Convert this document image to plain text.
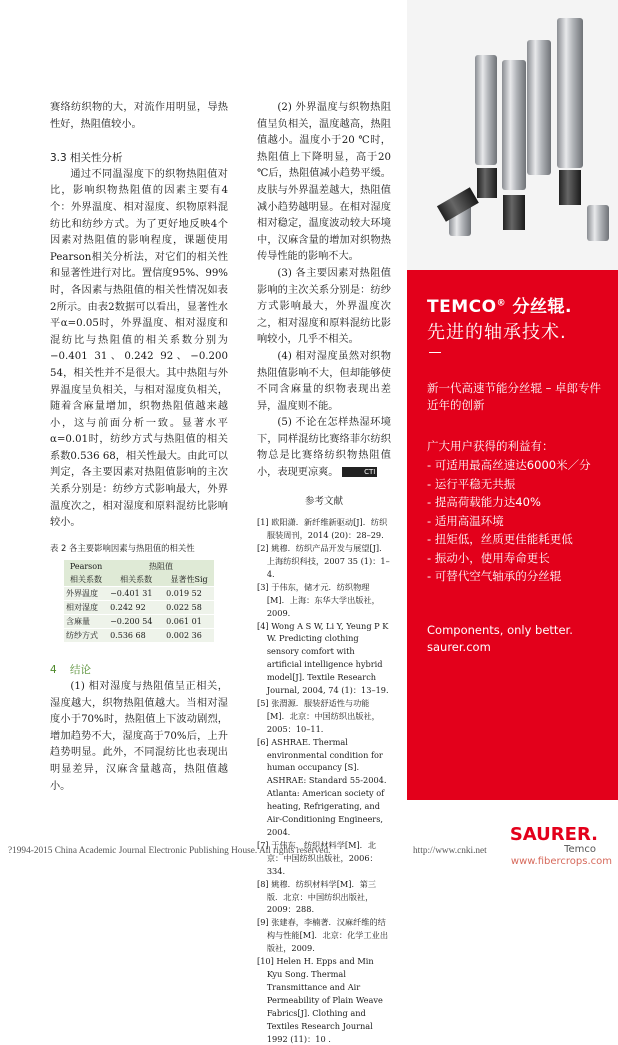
赛络纺织物的大，对流作用明显，导热性好，热阻值较小。

3.3 相关性分析

通过不同温湿度下的织物热阻值对比，影响织物热阻值的因素主要有4个：外界温度、相对湿度、织物原料混纺比和纺纱方式。为了更好地反映4个因素对热阻值的影响程度，课题使用Pearson相关分析法，对它们的相关性和显著性进行对比。置信度95%、99%时，各因素与热阻值的相关性情况如表2所示。由表2数据可以看出，显著性水平α=0.05时，外界温度、相对湿度和混纺比与热阻值的相关系数分别为−0.401 31、0.242 92、−0.200 54，相关性并不是很大。其中热阻与外界温度呈负相关，与相对湿度负相关，随着含麻量增加，织物热阻值越来越小，这与前面分析一致。显著水平α=0.01时，纺纱方式与热阻值的相关系数0.536 68，相关性最大。由此可以判定，各主要因素对热阻值影响的主次关系分别是：纺纱方式影响最大，外界温度次之，相对湿度和原料混纺比影响较小。

表 2 各主要影响因素与热阻值的相关性
Pearson	热阻值	
相关系数	相关系数	显著性Sig
外界温度	−0.401 31	0.019 52
相对湿度	0.242 92	0.022 58
含麻量	−0.200 54	0.061 01
纺纱方式	0.536 68	0.002 36

4 结论

(1) 相对湿度与热阻值呈正相关，湿度越大，织物热阻值越大。当相对湿度小于70%时，热阻值上下波动剧烈，增加趋势不大，湿度高于70%后，上升趋势明显。此外，不同混纺比也表现出明显差异，汉麻含量越高，热阻值越小。

(2) 外界温度与织物热阻值呈负相关，温度越高，热阻值越小。温度小于20 ℃时，热阻值上下降明显，高于20 ℃后，热阻值减小趋势平缓。皮肤与外界温差越大，热阻值减小趋势越明显。在相对湿度相对稳定，温度波动较大环境中，汉麻含量的增加对织物热传导性能的影响不大。

(3) 各主要因素对热阻值影响的主次关系分别是：纺纱方式影响最大，外界温度次之，相对湿度和原料混纺比影响较小，几乎不相关。

(4) 相对湿度虽然对织物热阻值影响不大，但却能够使不同含麻量的织物表现出差异，温度则不能。

(5) 不论在怎样热湿环境下，同样混纺比赛络菲尔纺织物总是比赛络纺织物热阻值小，表现更凉爽。	CTI

参考文献
[1] 欧阳潇．新纤维新驱动[J]．纺织服装周刊，2014 (20)：28–29.
[2] 姚穆．纺织产品开发与展望[J]．上海纺织科技，2007 35 (1)：1–4.
[3] 于伟东，储才元．纺织物理[M]．上海：东华大学出版社，2009.
[4] Wong A S W, Li Y, Yeung P K W. Predicting clothing sensory comfort with artificial intelligence hybrid model[J]. Textile Research Journal, 2004, 74 (1)：13–19.
[5] 张渭源．服装舒适性与功能[M]．北京：中国纺织出版社，2005：10–11.
[6] ASHRAE. Thermal environmental condition for human occupancy [S]. ASHRAE: Standard 55-2004. Atlanta: American society of heating, Refrigerating, and Air-Conditioning Engineers, 2004.
[7] 于伟东．纺织材料学[M]．北京：中国纺织出版社，2006：334.
[8] 姚穆．纺织材料学[M]．第三版．北京：中国纺织出版社，2009：288.
[9] 张建春，李楠著．汉麻纤维的结构与性能[M]．北京：化学工业出版社，2009.
[10] Helen H. Epps and Min Kyu Song. Thermal Transmittance and Air Permeability of Plain Weave Fabrics[J]. Clothing and Textiles Research Journal 1992 (11)：10 .
TEMCO® 分丝辊.
先进的轴承技术.
新一代高速节能分丝辊 – 卓郎专件近年的创新
广大用户获得的利益有：
- 可适用最高丝速达6000米／分
- 运行平稳无共振
- 提高荷载能力达40%
- 适用高温环境
- 扭矩低，丝质更佳能耗更低
- 振动小，使用寿命更长
- 可替代空气轴承的分丝辊
Components, only better.
saurer.com
SAURER.
Temco
?1994-2015 China Academic Journal Electronic Publishing House. All rights reserved.	http://www.cnki.net
www.fibercrops.com
